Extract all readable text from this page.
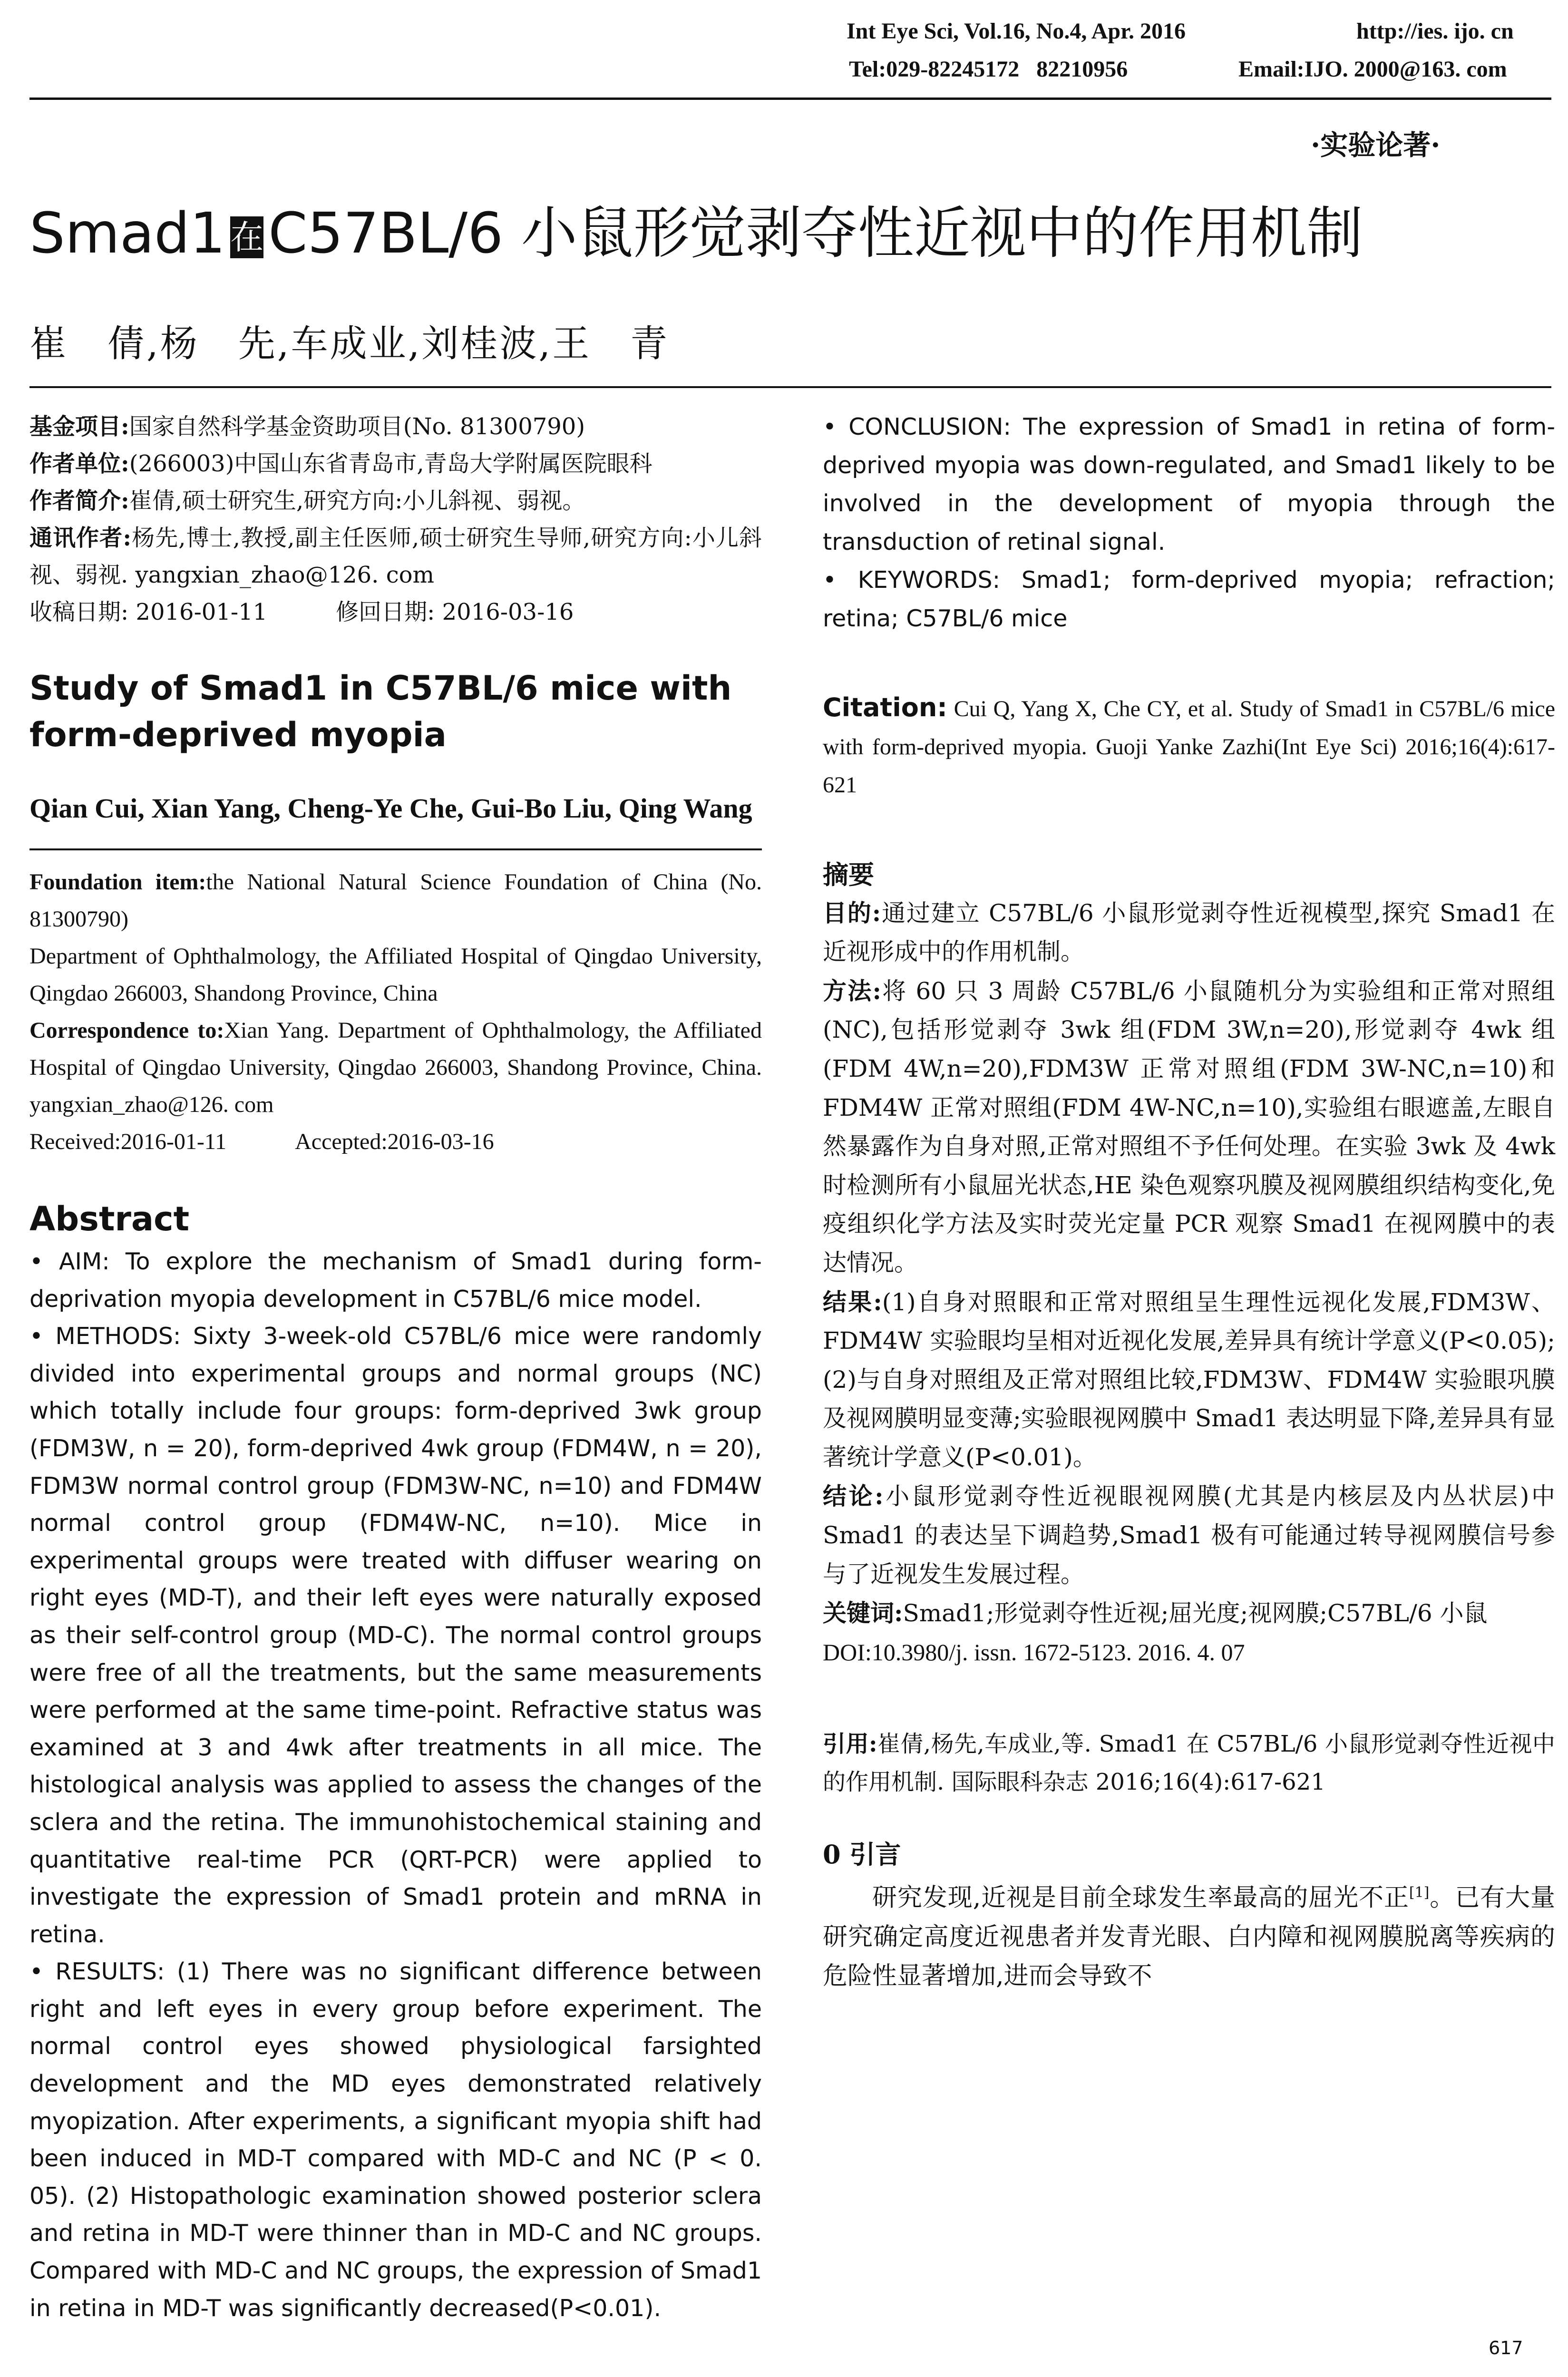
Int Eye Sci, Vol.16, No.4, Apr. 2016	http://ies. ijo. cn
Tel:029-82245172   82210956	Email:IJO. 2000@163. com
·实验论著·
Smad1 在C57BL/6 小鼠形觉剥夺性近视中的作用机制
崔　倩,杨　先,车成业,刘桂波,王　青

基金项目:国家自然科学基金资助项目(No. 81300790)

作者单位:(266003)中国山东省青岛市,青岛大学附属医院眼科

作者简介:崔倩,硕士研究生,研究方向:小儿斜视、弱视。

通讯作者:杨先,博士,教授,副主任医师,硕士研究生导师,研究方向:小儿斜视、弱视. yangxian_zhao@126. com

收稿日期: 2016-01-11　　　修回日期: 2016-03-16

Study of Smad1 in C57BL/6 mice with form-deprived myopia
Qian Cui, Xian Yang, Cheng-Ye Che, Gui-Bo Liu, Qing Wang

Foundation item:the National Natural Science Foundation of China (No. 81300790)

Department of Ophthalmology, the Affiliated Hospital of Qingdao University, Qingdao 266003, Shandong Province, China

Correspondence to:Xian Yang. Department of Ophthalmology, the Affiliated Hospital of Qingdao University, Qingdao 266003, Shandong Province, China. yangxian_zhao@126. com

Received:2016-01-11　　　Accepted:2016-03-16

Abstract

• AIM: To explore the mechanism of Smad1 during form-deprivation myopia development in C57BL/6 mice model.

• METHODS: Sixty 3-week-old C57BL/6 mice were randomly divided into experimental groups and normal groups (NC) which totally include four groups: form-deprived 3wk group (FDM3W, n = 20), form-deprived 4wk group (FDM4W, n = 20), FDM3W normal control group (FDM3W-NC, n=10) and FDM4W normal control group (FDM4W-NC, n=10). Mice in experimental groups were treated with diffuser wearing on right eyes (MD-T), and their left eyes were naturally exposed as their self-control group (MD-C). The normal control groups were free of all the treatments, but the same measurements were performed at the same time-point. Refractive status was examined at 3 and 4wk after treatments in all mice. The histological analysis was applied to assess the changes of the sclera and the retina. The immunohistochemical staining and quantitative real-time PCR (QRT-PCR) were applied to investigate the expression of Smad1 protein and mRNA in retina.

• RESULTS: (1) There was no significant difference between right and left eyes in every group before experiment. The normal control eyes showed physiological farsighted development and the MD eyes demonstrated relatively myopization. After experiments, a significant myopia shift had been induced in MD-T compared with MD-C and NC (P < 0. 05). (2) Histopathologic examination showed posterior sclera and retina in MD-T were thinner than in MD-C and NC groups. Compared with MD-C and NC groups, the expression of Smad1 in retina in MD-T was significantly decreased(P<0.01).

• CONCLUSION: The expression of Smad1 in retina of form-deprived myopia was down-regulated, and Smad1 likely to be involved in the development of myopia through the transduction of retinal signal.

• KEYWORDS: Smad1; form-deprived myopia; refraction; retina; C57BL/6 mice

Citation: Cui Q, Yang X, Che CY, et al. Study of Smad1 in C57BL/6 mice with form-deprived myopia. Guoji Yanke Zazhi(Int Eye Sci) 2016;16(4):617-621

摘要

目的:通过建立 C57BL/6 小鼠形觉剥夺性近视模型,探究 Smad1 在近视形成中的作用机制。

方法:将 60 只 3 周龄 C57BL/6 小鼠随机分为实验组和正常对照组(NC),包括形觉剥夺 3wk 组(FDM 3W,n=20),形觉剥夺 4wk 组(FDM 4W,n=20),FDM3W 正常对照组(FDM 3W-NC,n=10)和 FDM4W 正常对照组(FDM 4W-NC,n=10),实验组右眼遮盖,左眼自然暴露作为自身对照,正常对照组不予任何处理。在实验 3wk 及 4wk 时检测所有小鼠屈光状态,HE 染色观察巩膜及视网膜组织结构变化,免疫组织化学方法及实时荧光定量 PCR 观察 Smad1 在视网膜中的表达情况。

结果:(1)自身对照眼和正常对照组呈生理性远视化发展,FDM3W、FDM4W 实验眼均呈相对近视化发展,差异具有统计学意义(P<0.05);(2)与自身对照组及正常对照组比较,FDM3W、FDM4W 实验眼巩膜及视网膜明显变薄;实验眼视网膜中 Smad1 表达明显下降,差异具有显著统计学意义(P<0.01)。

结论:小鼠形觉剥夺性近视眼视网膜(尤其是内核层及内丛状层)中 Smad1 的表达呈下调趋势,Smad1 极有可能通过转导视网膜信号参与了近视发生发展过程。

关键词:Smad1;形觉剥夺性近视;屈光度;视网膜;C57BL/6 小鼠

DOI:10.3980/j. issn. 1672-5123. 2016. 4. 07

引用:崔倩,杨先,车成业,等. Smad1 在 C57BL/6 小鼠形觉剥夺性近视中的作用机制. 国际眼科杂志 2016;16(4):617-621

0 引言

研究发现,近视是目前全球发生率最高的屈光不正[1]。已有大量研究确定高度近视患者并发青光眼、白内障和视网膜脱离等疾病的危险性显著增加,进而会导致不

617
